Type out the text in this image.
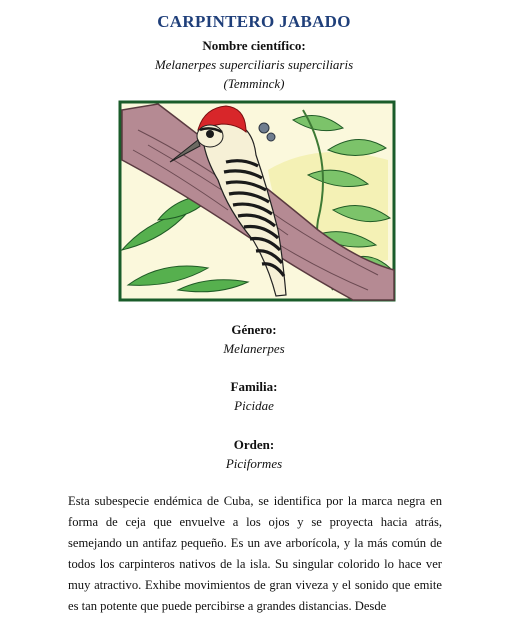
CARPINTERO JABADO
Nombre científico:
Melanerpes superciliaris superciliaris
(Temminck)
Género:
Melanerpes
Familia:
Picidae
Orden:
Piciformes
Esta subespecie endémica de Cuba, se identifica por la marca negra en forma de ceja que envuelve a los ojos y se proyecta hacia atrás, semejando un antifaz pequeño. Es un ave arborícola, y la más común de todos los carpinteros nativos de la isla. Su singular colorido lo hace ver muy atractivo. Exhibe movimientos de gran viveza y el sonido que emite es tan potente que puede percibirse a grandes distancias. Desde
